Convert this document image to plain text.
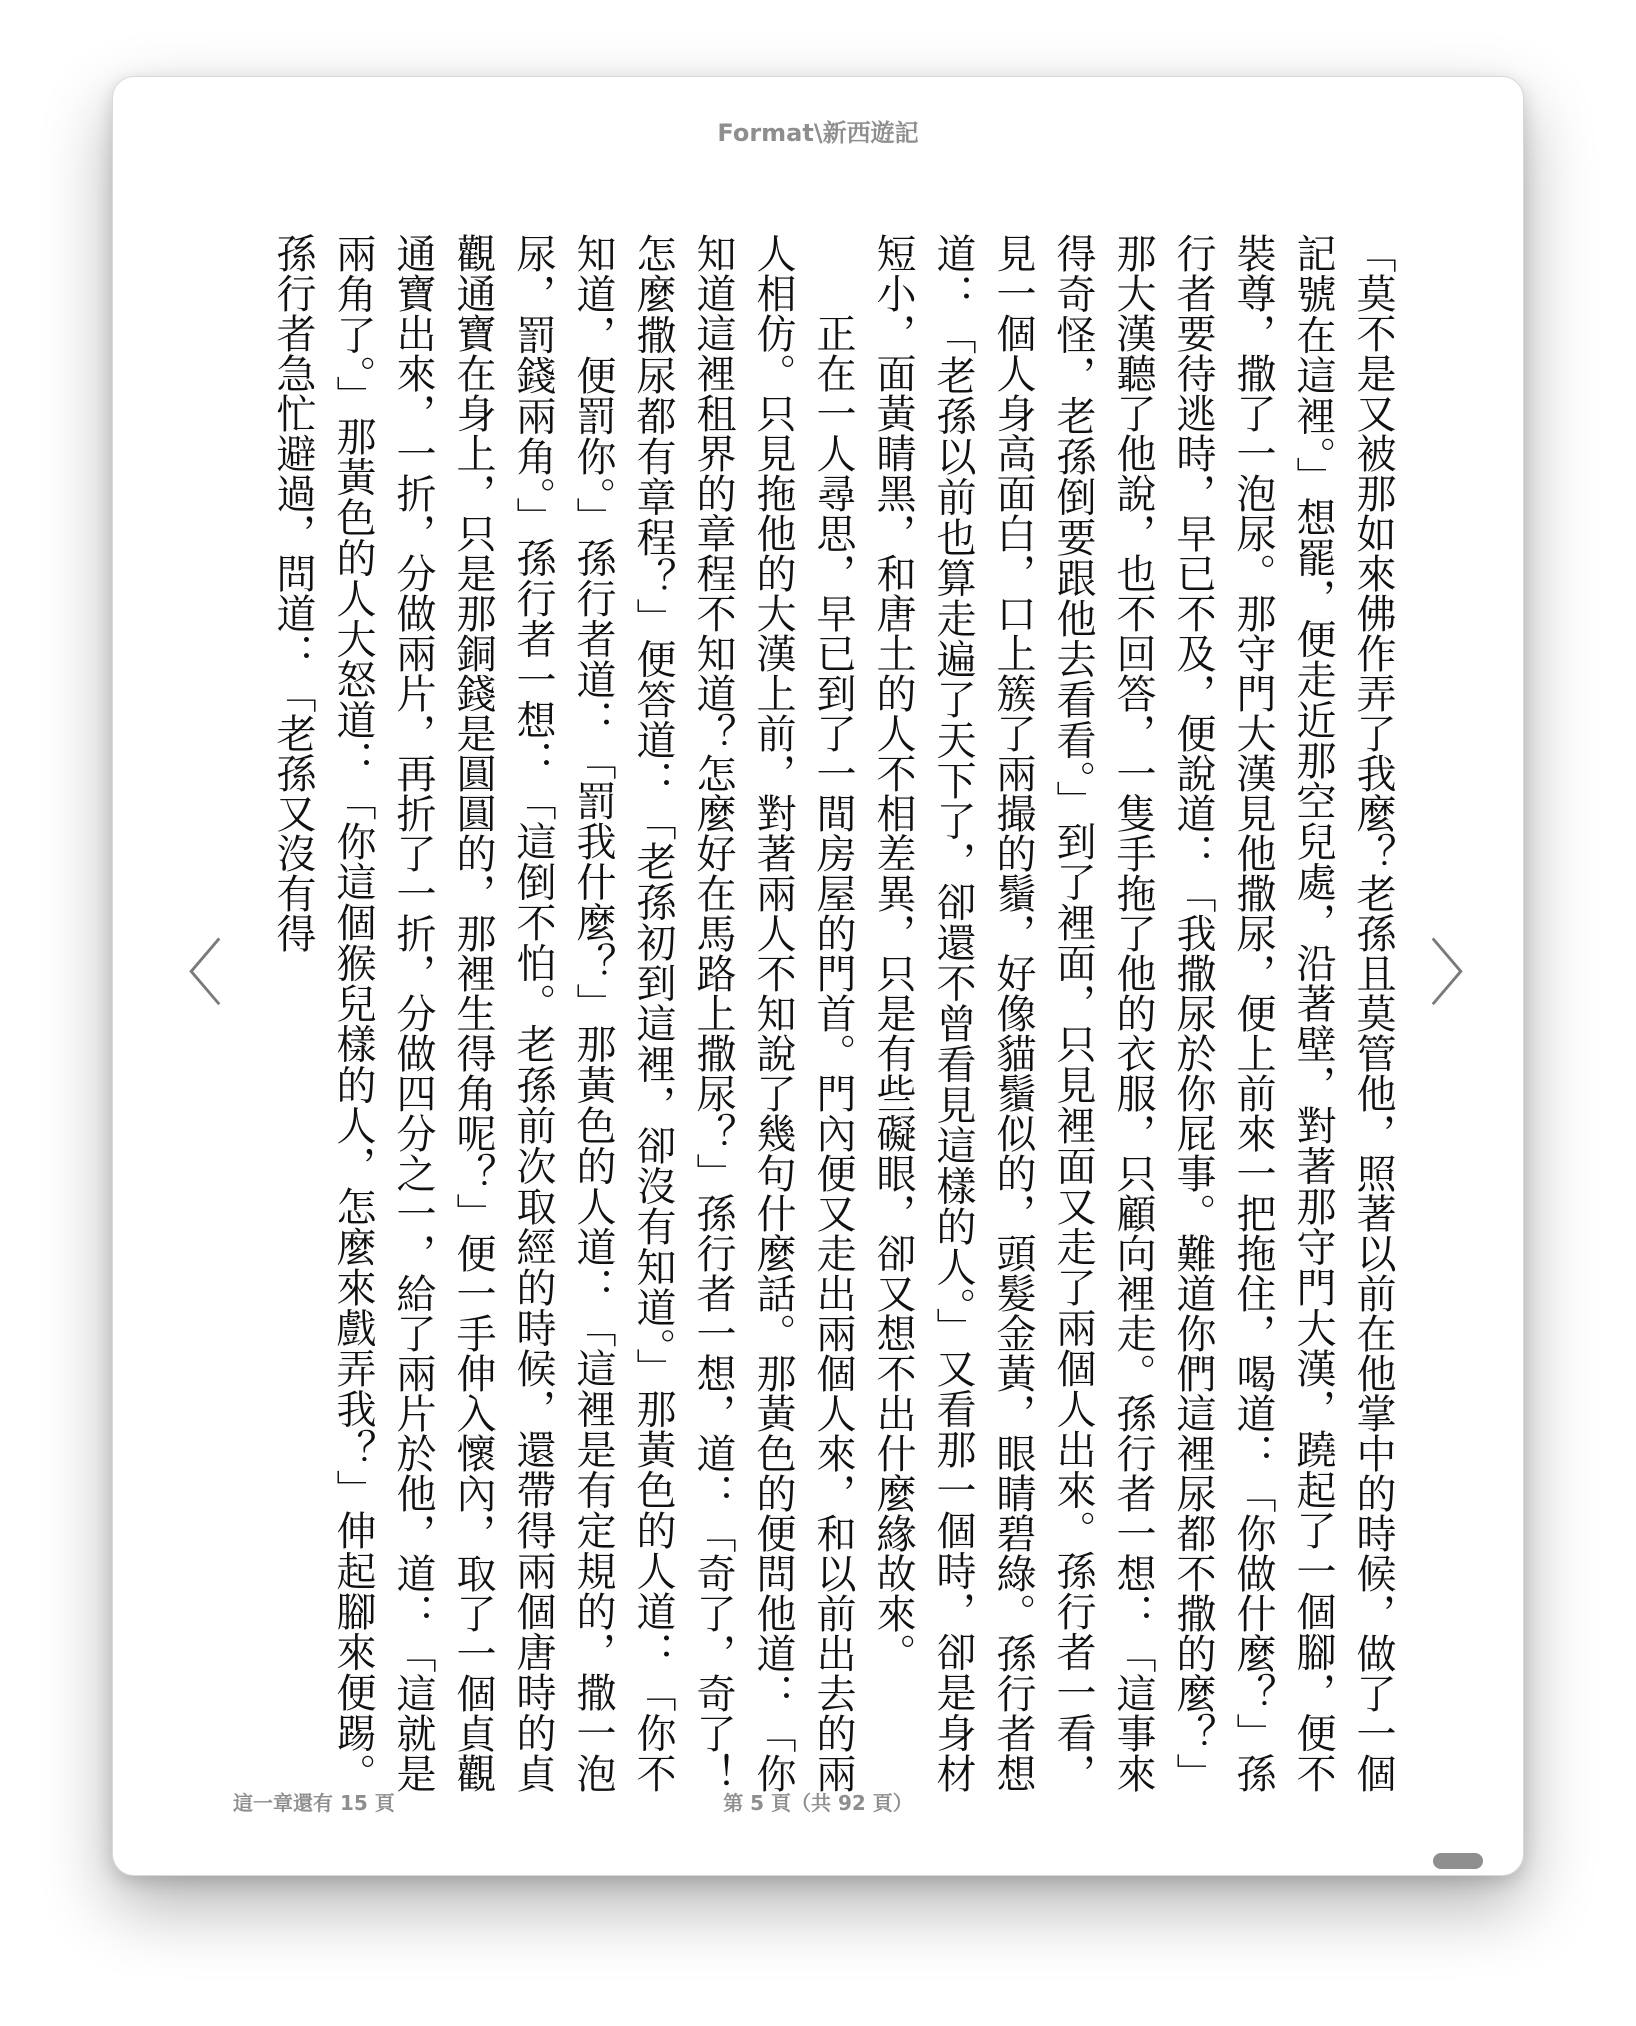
Format\新西遊記

「莫不是又被那如來佛作弄了我麼？老孫且莫管他，照著以前在他掌中的時候，做了一個記號在這裡。」想罷，便走近那空兒處，沿著壁，對著那守門大漢，蹺起了一個腳，便不裝尊，撒了一泡尿。那守門大漢見他撒尿，便上前來一把拖住，喝道：「你做什麼？」孫行者要待逃時，早已不及，便說道：「我撒尿於你屁事。難道你們這裡尿都不撒的麼？」那大漢聽了他說，也不回答，一隻手拖了他的衣服，只顧向裡走。孫行者一想：「這事來得奇怪，老孫倒要跟他去看看。」到了裡面，只見裡面又走了兩個人出來。孫行者一看，見一個人身高面白，口上簇了兩撮的鬚，好像貓鬚似的，頭髮金黃，眼睛碧綠。孫行者想道：「老孫以前也算走遍了天下了，卻還不曾看見這樣的人。」又看那一個時，卻是身材短小，面黃睛黑，和唐土的人不相差異，只是有些礙眼，卻又想不出什麼緣故來。

正在一人尋思，早已到了一間房屋的門首。門內便又走出兩個人來，和以前出去的兩人相仿。只見拖他的大漢上前，對著兩人不知說了幾句什麼話。那黃色的便問他道：「你知道這裡租界的章程不知道？怎麼好在馬路上撒尿？」孫行者一想，道：「奇了，奇了！怎麼撒尿都有章程？」便答道：「老孫初到這裡，卻沒有知道。」那黃色的人道：「你不知道，便罰你。」孫行者道：「罰我什麼？」那黃色的人道：「這裡是有定規的，撒一泡尿，罰錢兩角。」孫行者一想：「這倒不怕。老孫前次取經的時候，還帶得兩個唐時的貞觀通寶在身上，只是那銅錢是圓圓的，那裡生得角呢？」便一手伸入懷內，取了一個貞觀通寶出來，一折，分做兩片，再折了一折，分做四分之一，給了兩片於他，道：「這就是兩角了。」那黃色的人大怒道：「你這個猴兒樣的人，怎麼來戲弄我？」伸起腳來便踢。孫行者急忙避過，問道：「老孫又沒有得

〈	〉
這一章還有 15 頁	第 5 頁（共 92 頁）
